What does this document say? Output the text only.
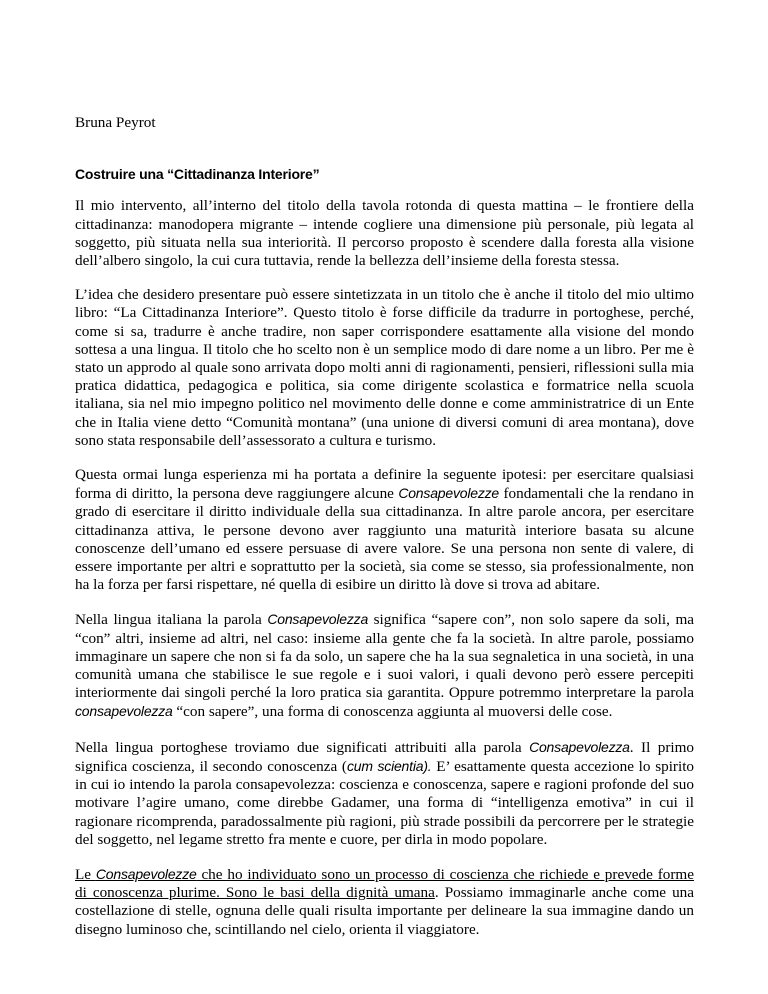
Bruna Peyrot
Costruire una “Cittadinanza Interiore”

Il mio intervento, all’interno del titolo della tavola rotonda di questa mattina – le frontiere della cittadinanza: manodopera migrante – intende cogliere una dimensione più personale, più legata al soggetto, più situata nella sua interiorità. Il percorso proposto è scendere dalla foresta alla visione dell’albero singolo, la cui cura tuttavia, rende la bellezza dell’insieme della foresta stessa.

L’idea che desidero presentare può essere sintetizzata in un titolo che è anche il titolo del mio ultimo libro: “La Cittadinanza Interiore”. Questo titolo è forse difficile da tradurre in portoghese, perché, come si sa, tradurre è anche tradire, non saper corrispondere esattamente alla visione del mondo sottesa a una lingua. Il titolo che ho scelto non è un semplice modo di dare nome a un libro. Per me è stato un approdo al quale sono arrivata dopo molti anni di ragionamenti, pensieri, riflessioni sulla mia pratica didattica, pedagogica e politica, sia come dirigente scolastica e formatrice nella scuola italiana, sia nel mio impegno politico nel movimento delle donne e come amministratrice di un Ente che in Italia viene detto “Comunità montana” (una unione di diversi comuni di area montana), dove sono stata responsabile dell’assessorato a cultura e turismo.

Questa ormai lunga esperienza mi ha portata a definire la seguente ipotesi: per esercitare qualsiasi forma di diritto, la persona deve raggiungere alcune Consapevolezze fondamentali che la rendano in grado di esercitare il diritto individuale della sua cittadinanza. In altre parole ancora, per esercitare cittadinanza attiva, le persone devono aver raggiunto una maturità interiore basata su alcune conoscenze dell’umano ed essere persuase di avere valore. Se una persona non sente di valere, di essere importante per altri e soprattutto per la società, sia come se stesso, sia professionalmente, non ha la forza per farsi rispettare, né quella di esibire un diritto là dove si trova ad abitare.

Nella lingua italiana la parola Consapevolezza significa “sapere con”, non solo sapere da soli, ma “con” altri, insieme ad altri, nel caso: insieme alla gente che fa la società. In altre parole, possiamo immaginare un sapere che non si fa da solo, un sapere che ha la sua segnaletica in una società, in una comunità umana che stabilisce le sue regole e i suoi valori, i quali devono però essere percepiti interiormente dai singoli perché la loro pratica sia garantita. Oppure potremmo interpretare la parola consapevolezza “con sapere”, una forma di conoscenza aggiunta al muoversi delle cose.

Nella lingua portoghese troviamo due significati attribuiti alla parola Consapevolezza. Il primo significa coscienza, il secondo conoscenza (cum scientia). E’ esattamente questa accezione lo spirito in cui io intendo la parola consapevolezza: coscienza e conoscenza, sapere e ragioni profonde del suo motivare l’agire umano, come direbbe Gadamer, una forma di “intelligenza emotiva” in cui il ragionare ricomprenda, paradossalmente più ragioni, più strade possibili da percorrere per le strategie del soggetto, nel legame stretto fra mente e cuore, per dirla in modo popolare.

Le Consapevolezze che ho individuato sono un processo di coscienza che richiede e prevede forme di conoscenza plurime. Sono le basi della dignità umana. Possiamo immaginarle anche come una costellazione di stelle, ognuna delle quali risulta importante per delineare la sua immagine dando un disegno luminoso che, scintillando nel cielo, orienta il viaggiatore.
